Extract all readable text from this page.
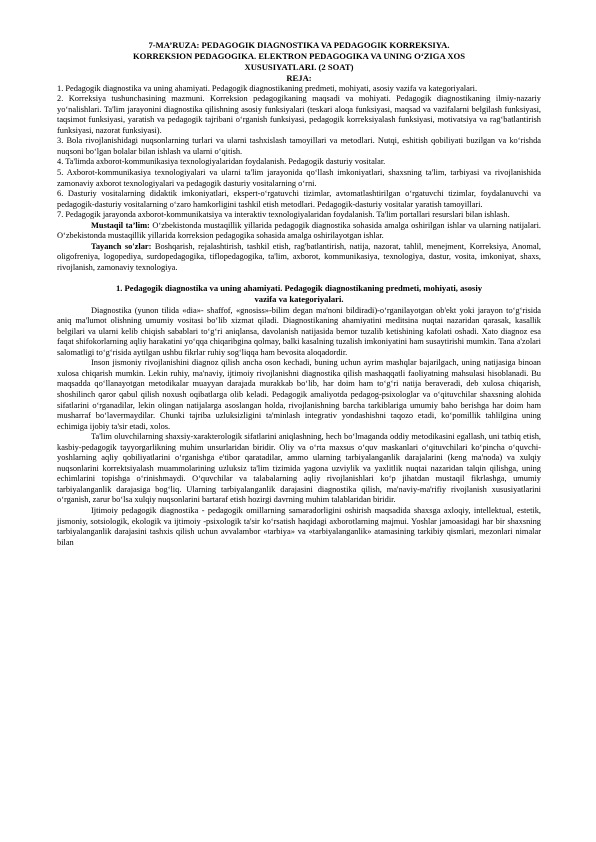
7-MA’RUZA: PEDAGOGIK DIAGNOSTIKA VA PEDAGOGIK KORREKSIYA.
KORREKSION PEDAGOGIKA. ELEKTRON PEDAGOGIKA VA UNING O‘ZIGA XOS
XUSUSIYATLARI. (2 SOAT)
REJA:

1. Pedagogik diagnostika va uning ahamiyati. Pedagogik diagnostikaning predmeti, mohiyati, asosiy vazifa va kategoriyalari.

2. Korreksiya tushunchasining mazmuni. Korreksion pedagogikaning maqsadi va mohiyati. Pedagogik diagnostikaning ilmiy-nazariy yo‘nalishlari. Ta'lim jarayonini diagnostika qilishning asosiy funksiyalari (teskari aloqa funksiyasi, maqsad va vazifalarni belgilash funksiyasi, taqsimot funksiyasi, yaratish va pedagogik tajribani o‘rganish funksiyasi, pedagogik korreksiyalash funksiyasi, motivatsiya va rag‘batlantirish funksiyasi, nazorat funksiyasi).

3. Bola rivojlanishidagi nuqsonlarning turlari va ularni tashxislash tamoyillari va metodlari. Nutqi, eshitish qobiliyati buzilgan va ko‘rishda nuqsoni bo‘lgan bolalar bilan ishlash va ularni o‘qitish.

4. Ta'limda axborot-kommunikasiya texnologiyalaridan foydalanish. Pedagogik dasturiy vositalar.

5. Axborot-kommunikasiya texnologiyalari va ularni ta'lim jarayonida qo‘llash imkoniyatlari, shaxsning ta'lim, tarbiyasi va rivojlanishida zamonaviy axborot texnologiyalari va pedagogik dasturiy vositalarning o‘rni.

6. Dasturiy vositalarning didaktik imkoniyatlari, ekspert-o‘rgatuvchi tizimlar, avtomatlashtirilgan o‘rgatuvchi tizimlar, foydalanuvchi va pedagogik-dasturiy vositalarning o‘zaro hamkorligini tashkil etish metodlari. Pedagogik-dasturiy vositalar yaratish tamoyillari.

7. Pedagogik jarayonda axborot-kommunikatsiya va interaktiv texnologiyalaridan foydalanish. Ta'lim portallari resurslari bilan ishlash.

Mustaqil ta’lim: O‘zbekistonda mustaqillik yillarida pedagogik diagnostika sohasida amalga oshirilgan ishlar va ularning natijalari. O‘zbekistonda mustaqillik yillarida korreksion pedagogika sohasida amalga oshirilayotgan ishlar.

Tayanch so'zlar: Boshqarish, rejalashtirish, tashkil etish, rag'batlantirish, natija, nazorat, tahlil, menejment, Korreksiya, Anomal, oligofreniya, logopediya, surdopedagogika, tiflopedagogika, ta'lim, axborot, kommunikasiya, texnologiya, dastur, vosita, imkoniyat, shaxs, rivojlanish, zamonaviy texnologiya.

1. Pedagogik diagnostika va uning ahamiyati. Pedagogik diagnostikaning predmeti, mohiyati, asosiy
vazifa va kategoriyalari.

Diagnostika (yunon tilida «dia»- shaffof, «gnosiss»-bilim degan ma'noni bildiradi)-o‘rganilayotgan ob'ekt yoki jarayon to‘g‘risida aniq ma'lumot olishning umumiy vositasi bo‘lib xizmat qiladi. Diagnostikaning ahamiyatini meditsina nuqtai nazaridan qarasak, kasallik belgilari va ularni kelib chiqish sabablari to‘g‘ri aniqlansa, davolanish natijasida bemor tuzalib ketishining kafolati oshadi. Xato diagnoz esa faqat shifokorlarning aqliy harakatini yo‘qqa chiqaribgina qolmay, balki kasalning tuzalish imkoniyatini ham susaytirishi mumkin. Tana a'zolari salomatligi to‘g‘risida aytilgan ushbu fikrlar ruhiy sog‘liqqa ham bevosita aloqadordir.

Inson jismoniy rivojlanishini diagnoz qilish ancha oson kechadi, buning uchun ayrim mashqlar bajarilgach, uning natijasiga binoan xulosa chiqarish mumkin. Lekin ruhiy, ma'naviy, ijtimoiy rivojlanishni diagnostika qilish mashaqqatli faoliyatning mahsulasi hisoblanadi. Bu maqsadda qo‘llanayotgan metodikalar muayyan darajada murakkab bo‘lib, har doim ham to‘g‘ri natija beraveradi, deb xulosa chiqarish, shoshilinch qaror qabul qilish noxush oqibatlarga olib keladi. Pedagogik amaliyotda pedagog-psixologlar va o‘qituvchilar shaxsning alohida sifatlarini o‘rganadilar, lekin olingan natijalarga asoslangan holda, rivojlanishning barcha tarkiblariga umumiy baho berishga har doim ham musharraf bo‘lavermaydilar. Chunki tajriba uzluksizligini ta'minlash integrativ yondashishni taqozo etadi, ko‘pomillik tahlilgina uning echimiga ijobiy ta'sir etadi, xolos.

Ta'lim oluvchilarning shaxsiy-xarakterologik sifatlarini aniqlashning, hech bo‘lmaganda oddiy metodikasini egallash, uni tatbiq etish, kasbiy-pedagogik tayyorgarlikning muhim unsurlaridan biridir. Oliy va o‘rta maxsus o‘quv maskanlari o‘qituvchilari ko‘pincha o‘quvchi-yoshlarning aqliy qobiliyatlarini o‘rganishga e'tibor qaratadilar, ammo ularning tarbiyalanganlik darajalarini (keng ma'noda) va xulqiy nuqsonlarini korrektsiyalash muammolarining uzluksiz ta'lim tizimida yagona uzviylik va yaxlitlik nuqtai nazaridan talqin qilishga, uning echimlarini topishga o‘rinishmaydi. O‘quvchilar va talabalarning aqliy rivojlanishlari ko‘p jihatdan mustaqil fikrlashga, umumiy tarbiyalanganlik darajasiga bog‘liq. Ularning tarbiyalanganlik darajasini diagnostika qilish, ma'naviy-ma'rifiy rivojlanish xususiyatlarini o‘rganish, zarur bo‘lsa xulqiy nuqsonlarini bartaraf etish hozirgi davrning muhim talablaridan biridir.

Ijtimoiy pedagogik diagnostika - pedagogik omillarning samaradorligini oshirish maqsadida shaxsga axloqiy, intellektual, estetik, jismoniy, sotsiologik, ekologik va ijtimoiy -psixologik ta'sir ko‘rsatish haqidagi axborotlarning majmui. Yoshlar jamoasidagi har bir shaxsning tarbiyalanganlik darajasini tashxis qilish uchun avvalambor «tarbiya» va «tarbiyalanganlik» atamasining tarkibiy qismlari, mezonlari nimalar bilan
